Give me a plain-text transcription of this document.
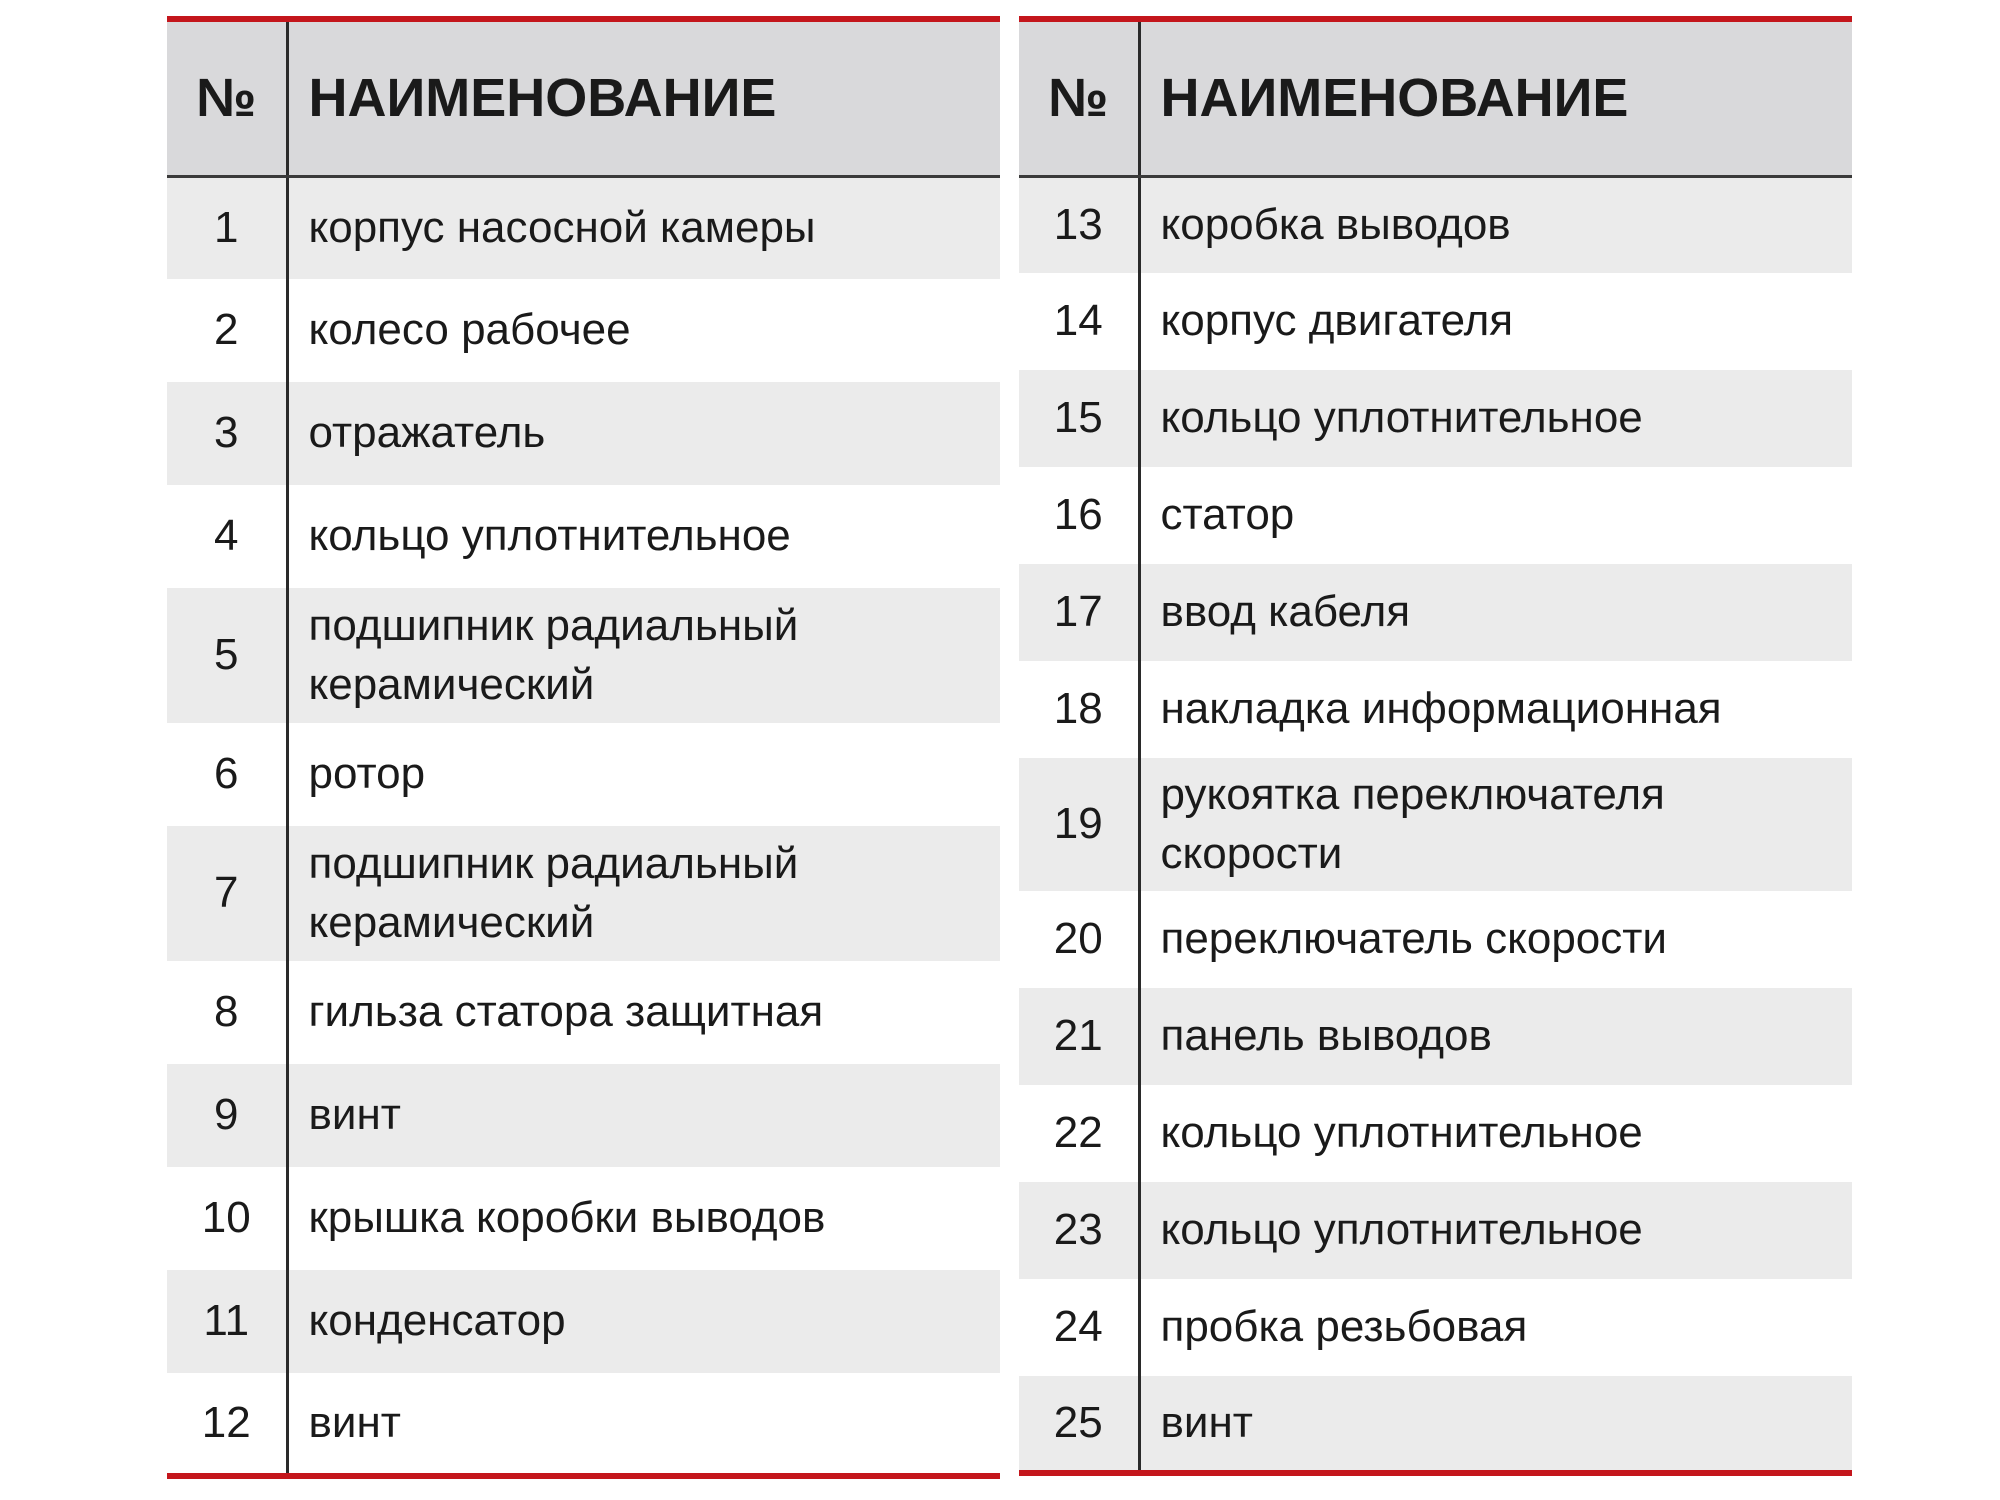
№	НАИМЕНОВАНИЕ
1	корпус насосной камеры
2	колесо рабочее
3	отражатель
4	кольцо уплотнительное
5	подшипник радиальный керамический
6	ротор
7	подшипник радиальный керамический
8	гильза статора защитная
9	винт
10	крышка коробки выводов
11	конденсатор
12	винт
№	НАИМЕНОВАНИЕ
13	коробка выводов
14	корпус двигателя
15	кольцо уплотнительное
16	статор
17	ввод кабеля
18	накладка информационная
19	рукоятка переключателя скорости
20	переключатель скорости
21	панель выводов
22	кольцо уплотнительное
23	кольцо уплотнительное
24	пробка резьбовая
25	винт
